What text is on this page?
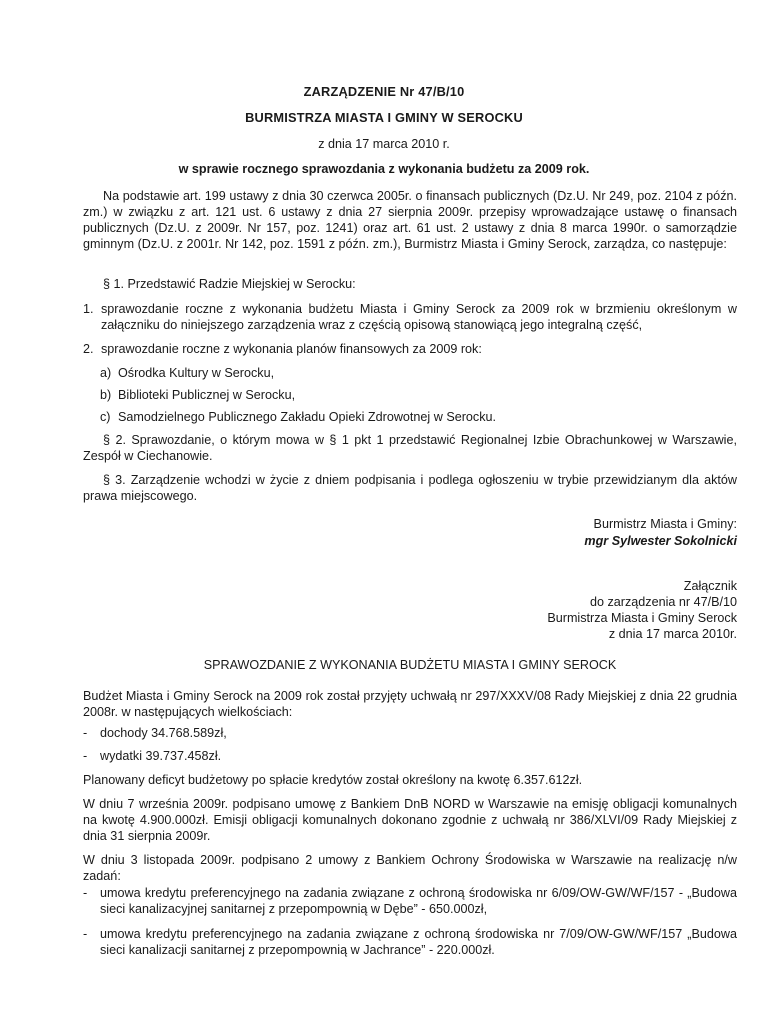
ZARZĄDZENIE Nr 47/B/10
BURMISTRZA MIASTA I GMINY W SEROCKU
z dnia 17 marca 2010 r.
w sprawie rocznego sprawozdania z wykonania budżetu za 2009 rok.
Na podstawie art. 199 ustawy z dnia 30 czerwca 2005r. o finansach publicznych (Dz.U. Nr 249, poz. 2104 z późn. zm.) w związku z art. 121 ust. 6 ustawy z dnia 27 sierpnia 2009r. przepisy wprowadzające ustawę o finansach publicznych (Dz.U. z 2009r. Nr 157, poz. 1241) oraz art. 61 ust. 2 ustawy z dnia 8 marca 1990r. o samorządzie gminnym (Dz.U. z 2001r. Nr 142, poz. 1591 z późn. zm.), Burmistrz Miasta i Gminy Serock, zarządza, co następuje:
§ 1. Przedstawić Radzie Miejskiej w Serocku:
1. sprawozdanie roczne z wykonania budżetu Miasta i Gminy Serock za 2009 rok w brzmieniu określonym w załączniku do niniejszego zarządzenia wraz z częścią opisową stanowiącą jego integralną część,
2. sprawozdanie roczne z wykonania planów finansowych za 2009 rok:
a) Ośrodka Kultury w Serocku,
b) Biblioteki Publicznej w Serocku,
c) Samodzielnego Publicznego Zakładu Opieki Zdrowotnej w Serocku.
§ 2. Sprawozdanie, o którym mowa w § 1 pkt 1 przedstawić Regionalnej Izbie Obrachunkowej w Warszawie, Zespół w Ciechanowie.
§ 3. Zarządzenie wchodzi w życie z dniem podpisania i podlega ogłoszeniu w trybie przewidzianym dla aktów prawa miejscowego.
Burmistrz Miasta i Gminy:
mgr Sylwester Sokolnicki
Załącznik
do zarządzenia nr 47/B/10
Burmistrza Miasta i Gminy Serock
z dnia 17 marca 2010r.
SPRAWOZDANIE Z WYKONANIA BUDŻETU MIASTA I GMINY SEROCK
Budżet Miasta i Gminy Serock na 2009 rok został przyjęty uchwałą nr 297/XXXV/08 Rady Miejskiej z dnia 22 grudnia 2008r. w następujących wielkościach:
- dochody 34.768.589zł,
- wydatki 39.737.458zł.
Planowany deficyt budżetowy po spłacie kredytów został określony na kwotę 6.357.612zł.
W dniu 7 września 2009r. podpisano umowę z Bankiem DnB NORD w Warszawie na emisję obligacji komunalnych na kwotę 4.900.000zł. Emisji obligacji komunalnych dokonano zgodnie z uchwałą nr 386/XLVI/09 Rady Miejskiej z dnia 31 sierpnia 2009r.
W dniu 3 listopada 2009r. podpisano 2 umowy z Bankiem Ochrony Środowiska w Warszawie na realizację n/w zadań:
- umowa kredytu preferencyjnego na zadania związane z ochroną środowiska nr 6/09/OW-GW/WF/157 - „Budowa sieci kanalizacyjnej sanitarnej z przepompownią w Dębe” - 650.000zł,
- umowa kredytu preferencyjnego na zadania związane z ochroną środowiska nr 7/09/OW-GW/WF/157 „Budowa sieci kanalizacji sanitarnej z przepompownią w Jachrance” - 220.000zł.
